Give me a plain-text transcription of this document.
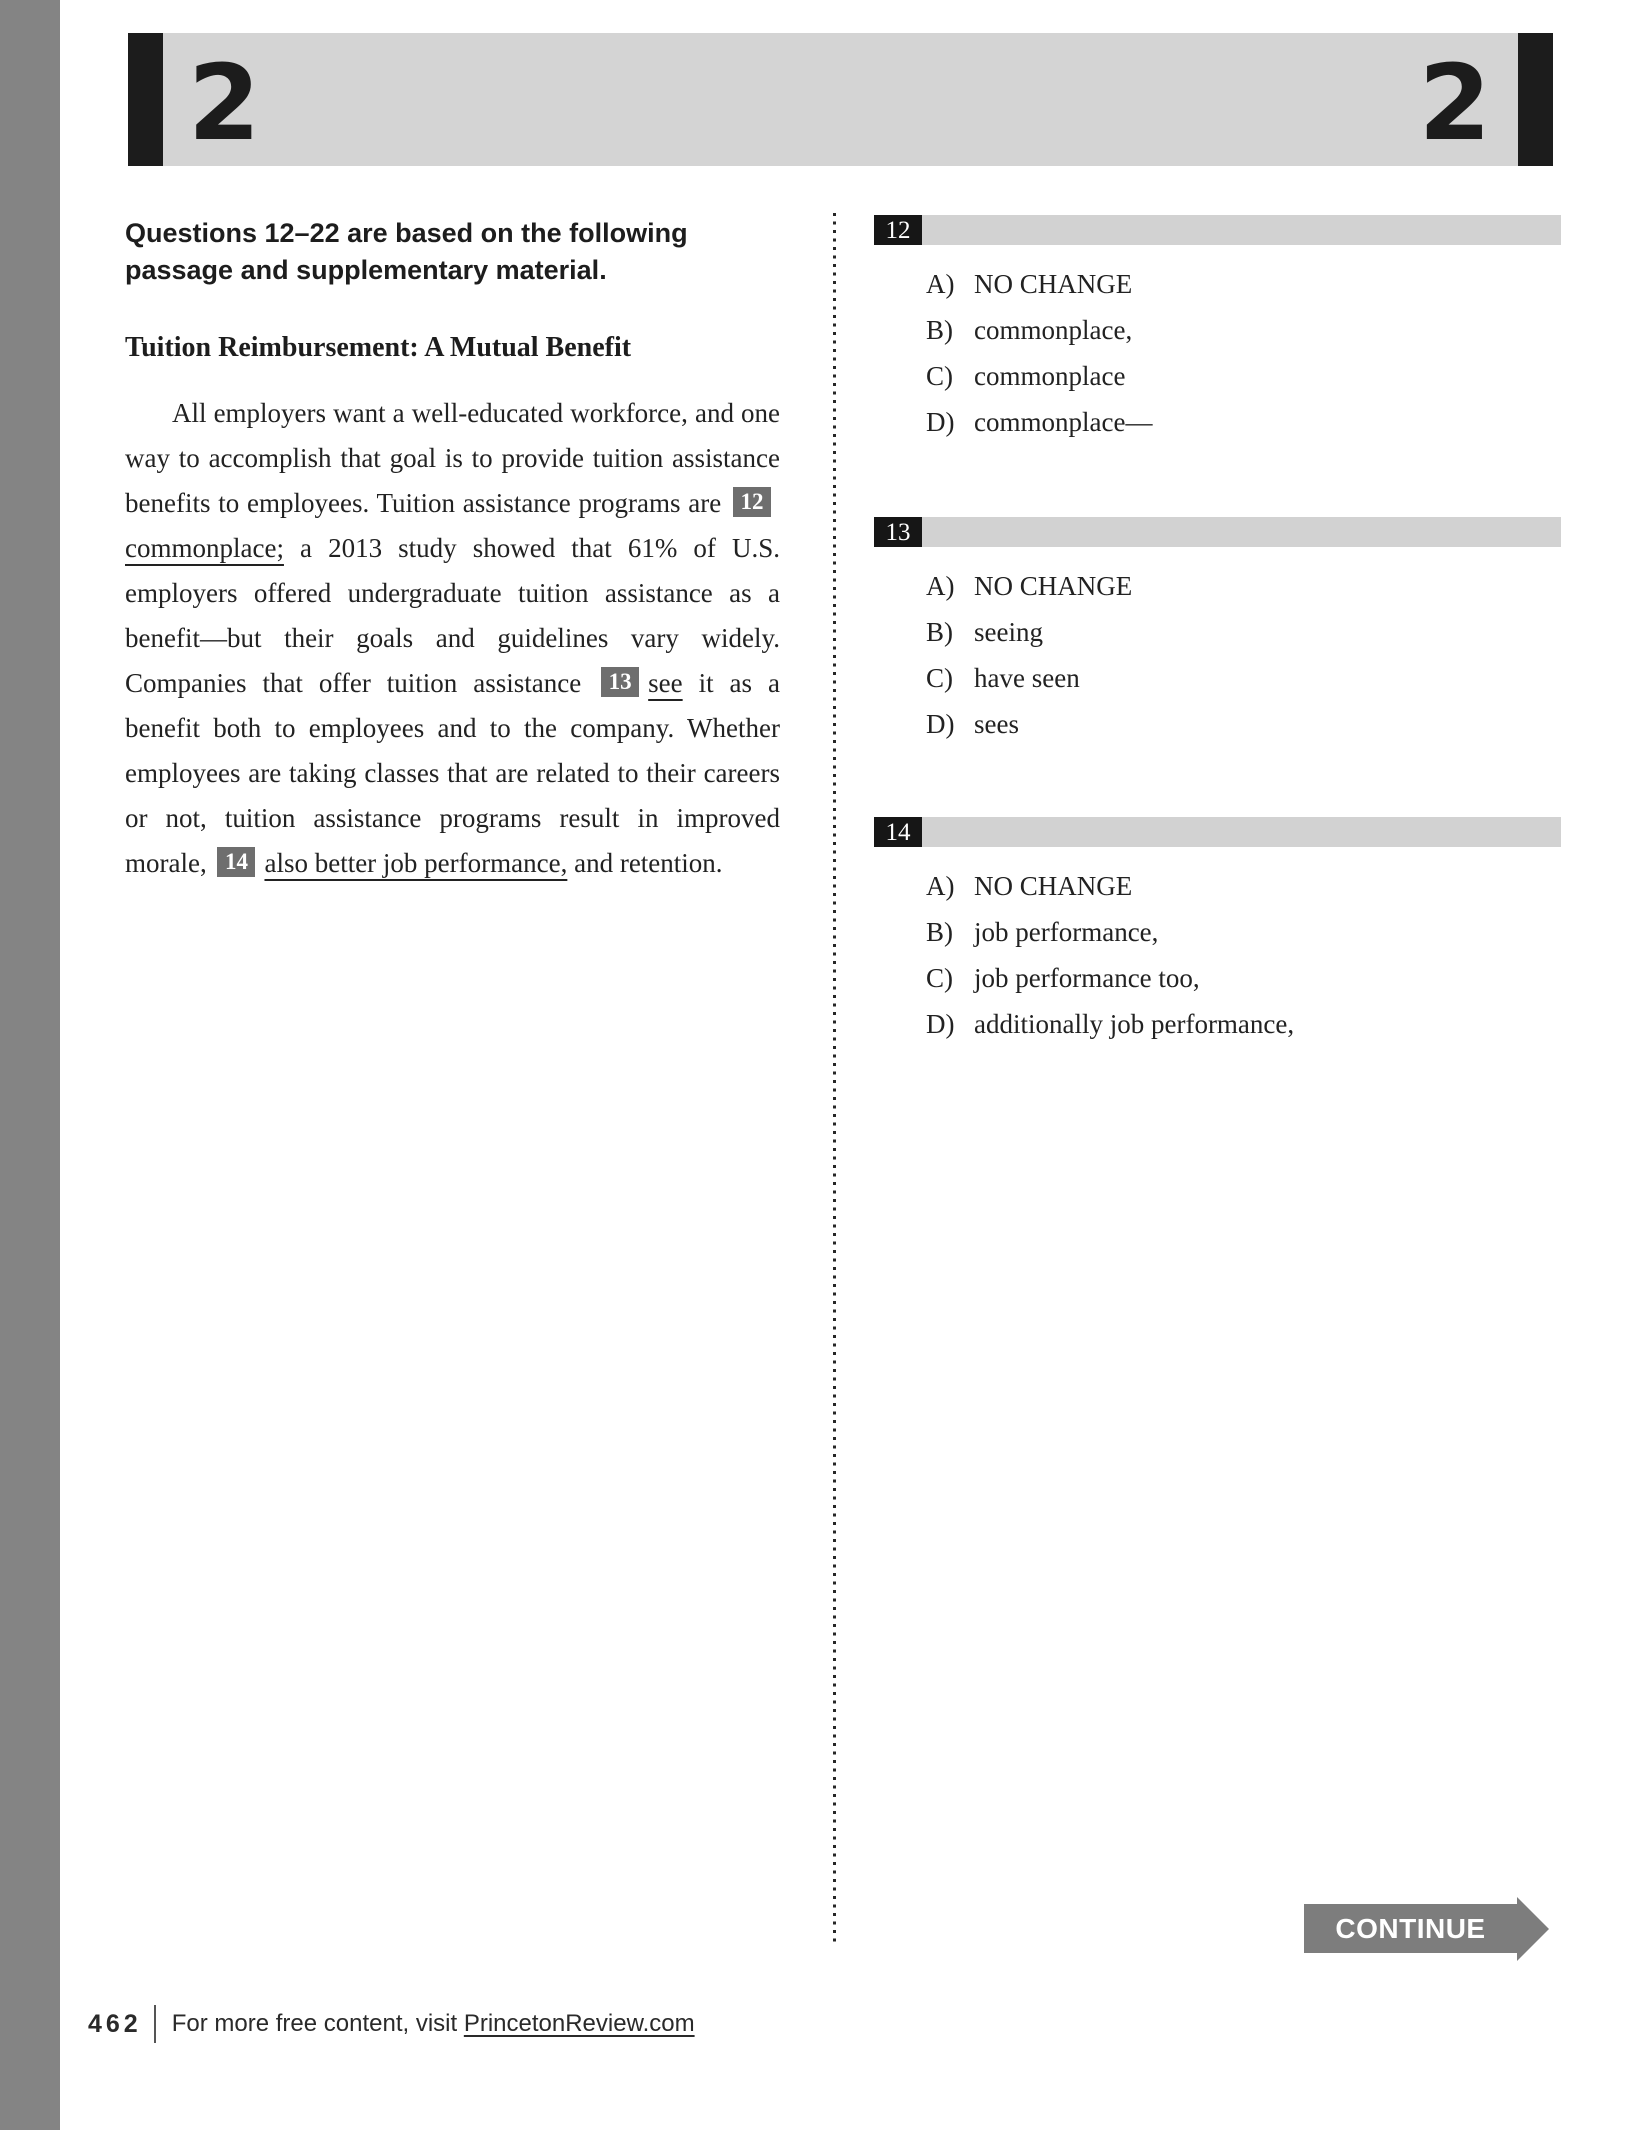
2	2
Questions 12–22 are based on the following passage and supplementary material.
Tuition Reimbursement: A Mutual Benefit
All employers want a well-educated workforce, and one way to accomplish that goal is to provide tuition assistance benefits to employees. Tuition assistance programs are 12commonplace; a 2013 study showed that 61% of U.S. employers offered undergraduate tuition assistance as a benefit—but their goals and guidelines vary widely. Companies that offer tuition assistance 13 see it as a benefit both to employees and to the company. Whether employees are taking classes that are related to their careers or not, tuition assistance programs result in improved morale, 14 also better job performance, and retention.
12
A) NO CHANGE
B) commonplace,
C) commonplace
D) commonplace—
13
A) NO CHANGE
B) seeing
C) have seen
D) sees
14
A) NO CHANGE
B) job performance,
C) job performance too,
D) additionally job performance,
CONTINUE
462 For more free content, visit PrincetonReview.com
